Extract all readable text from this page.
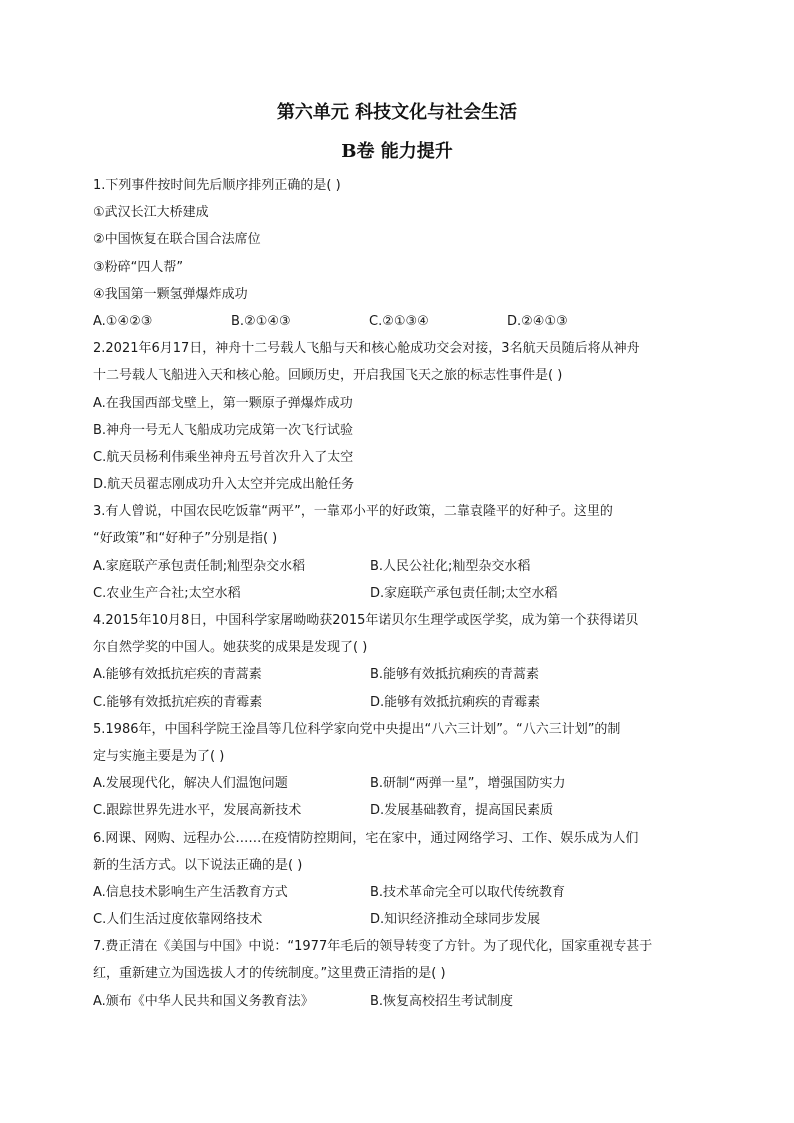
第六单元 科技文化与社会生活
B卷 能力提升
1.下列事件按时间先后顺序排列正确的是( )
①武汉长江大桥建成
②中国恢复在联合国合法席位
③粉碎“四人帮”
④我国第一颗氢弹爆炸成功
A.①④②③	B.②①④③	C.②①③④	D.②④①③
2.2021年6月17日，神舟十二号载人飞船与天和核心舱成功交会对接，3名航天员随后将从神舟
十二号载人飞船进入天和核心舱。回顾历史，开启我国飞天之旅的标志性事件是( )
A.在我国西部戈壁上，第一颗原子弹爆炸成功
B.神舟一号无人飞船成功完成第一次飞行试验
C.航天员杨利伟乘坐神舟五号首次升入了太空
D.航天员翟志刚成功升入太空并完成出舱任务
3.有人曾说，中国农民吃饭靠“两平”，一靠邓小平的好政策，二靠袁隆平的好种子。这里的
“好政策”和“好种子”分别是指( )
A.家庭联产承包责任制;籼型杂交水稻	B.人民公社化;籼型杂交水稻
C.农业生产合社;太空水稻	D.家庭联产承包责任制;太空水稻
4.2015年10月8日，中国科学家屠呦呦获2015年诺贝尔生理学或医学奖，成为第一个获得诺贝
尔自然学奖的中国人。她获奖的成果是发现了( )
A.能够有效抵抗疟疾的青蒿素	B.能够有效抵抗痢疾的青蒿素
C.能够有效抵抗疟疾的青霉素	D.能够有效抵抗痢疾的青霉素
5.1986年，中国科学院王淦昌等几位科学家向党中央提出“八六三计划”。“八六三计划”的制
定与实施主要是为了( )
A.发展现代化，解决人们温饱问题	B.研制“两弹一星”，增强国防实力
C.跟踪世界先进水平，发展高新技术	D.发展基础教育，提高国民素质
6.网课、网购、远程办公……在疫情防控期间，宅在家中，通过网络学习、工作、娱乐成为人们
新的生活方式。以下说法正确的是( )
A.信息技术影响生产生活教育方式	B.技术革命完全可以取代传统教育
C.人们生活过度依靠网络技术	D.知识经济推动全球同步发展
7.费正清在《美国与中国》中说：“1977年毛后的领导转变了方针。为了现代化，国家重视专甚于
红，重新建立为国选拔人才的传统制度。”这里费正清指的是( )
A.颁布《中华人民共和国义务教育法》	B.恢复高校招生考试制度
